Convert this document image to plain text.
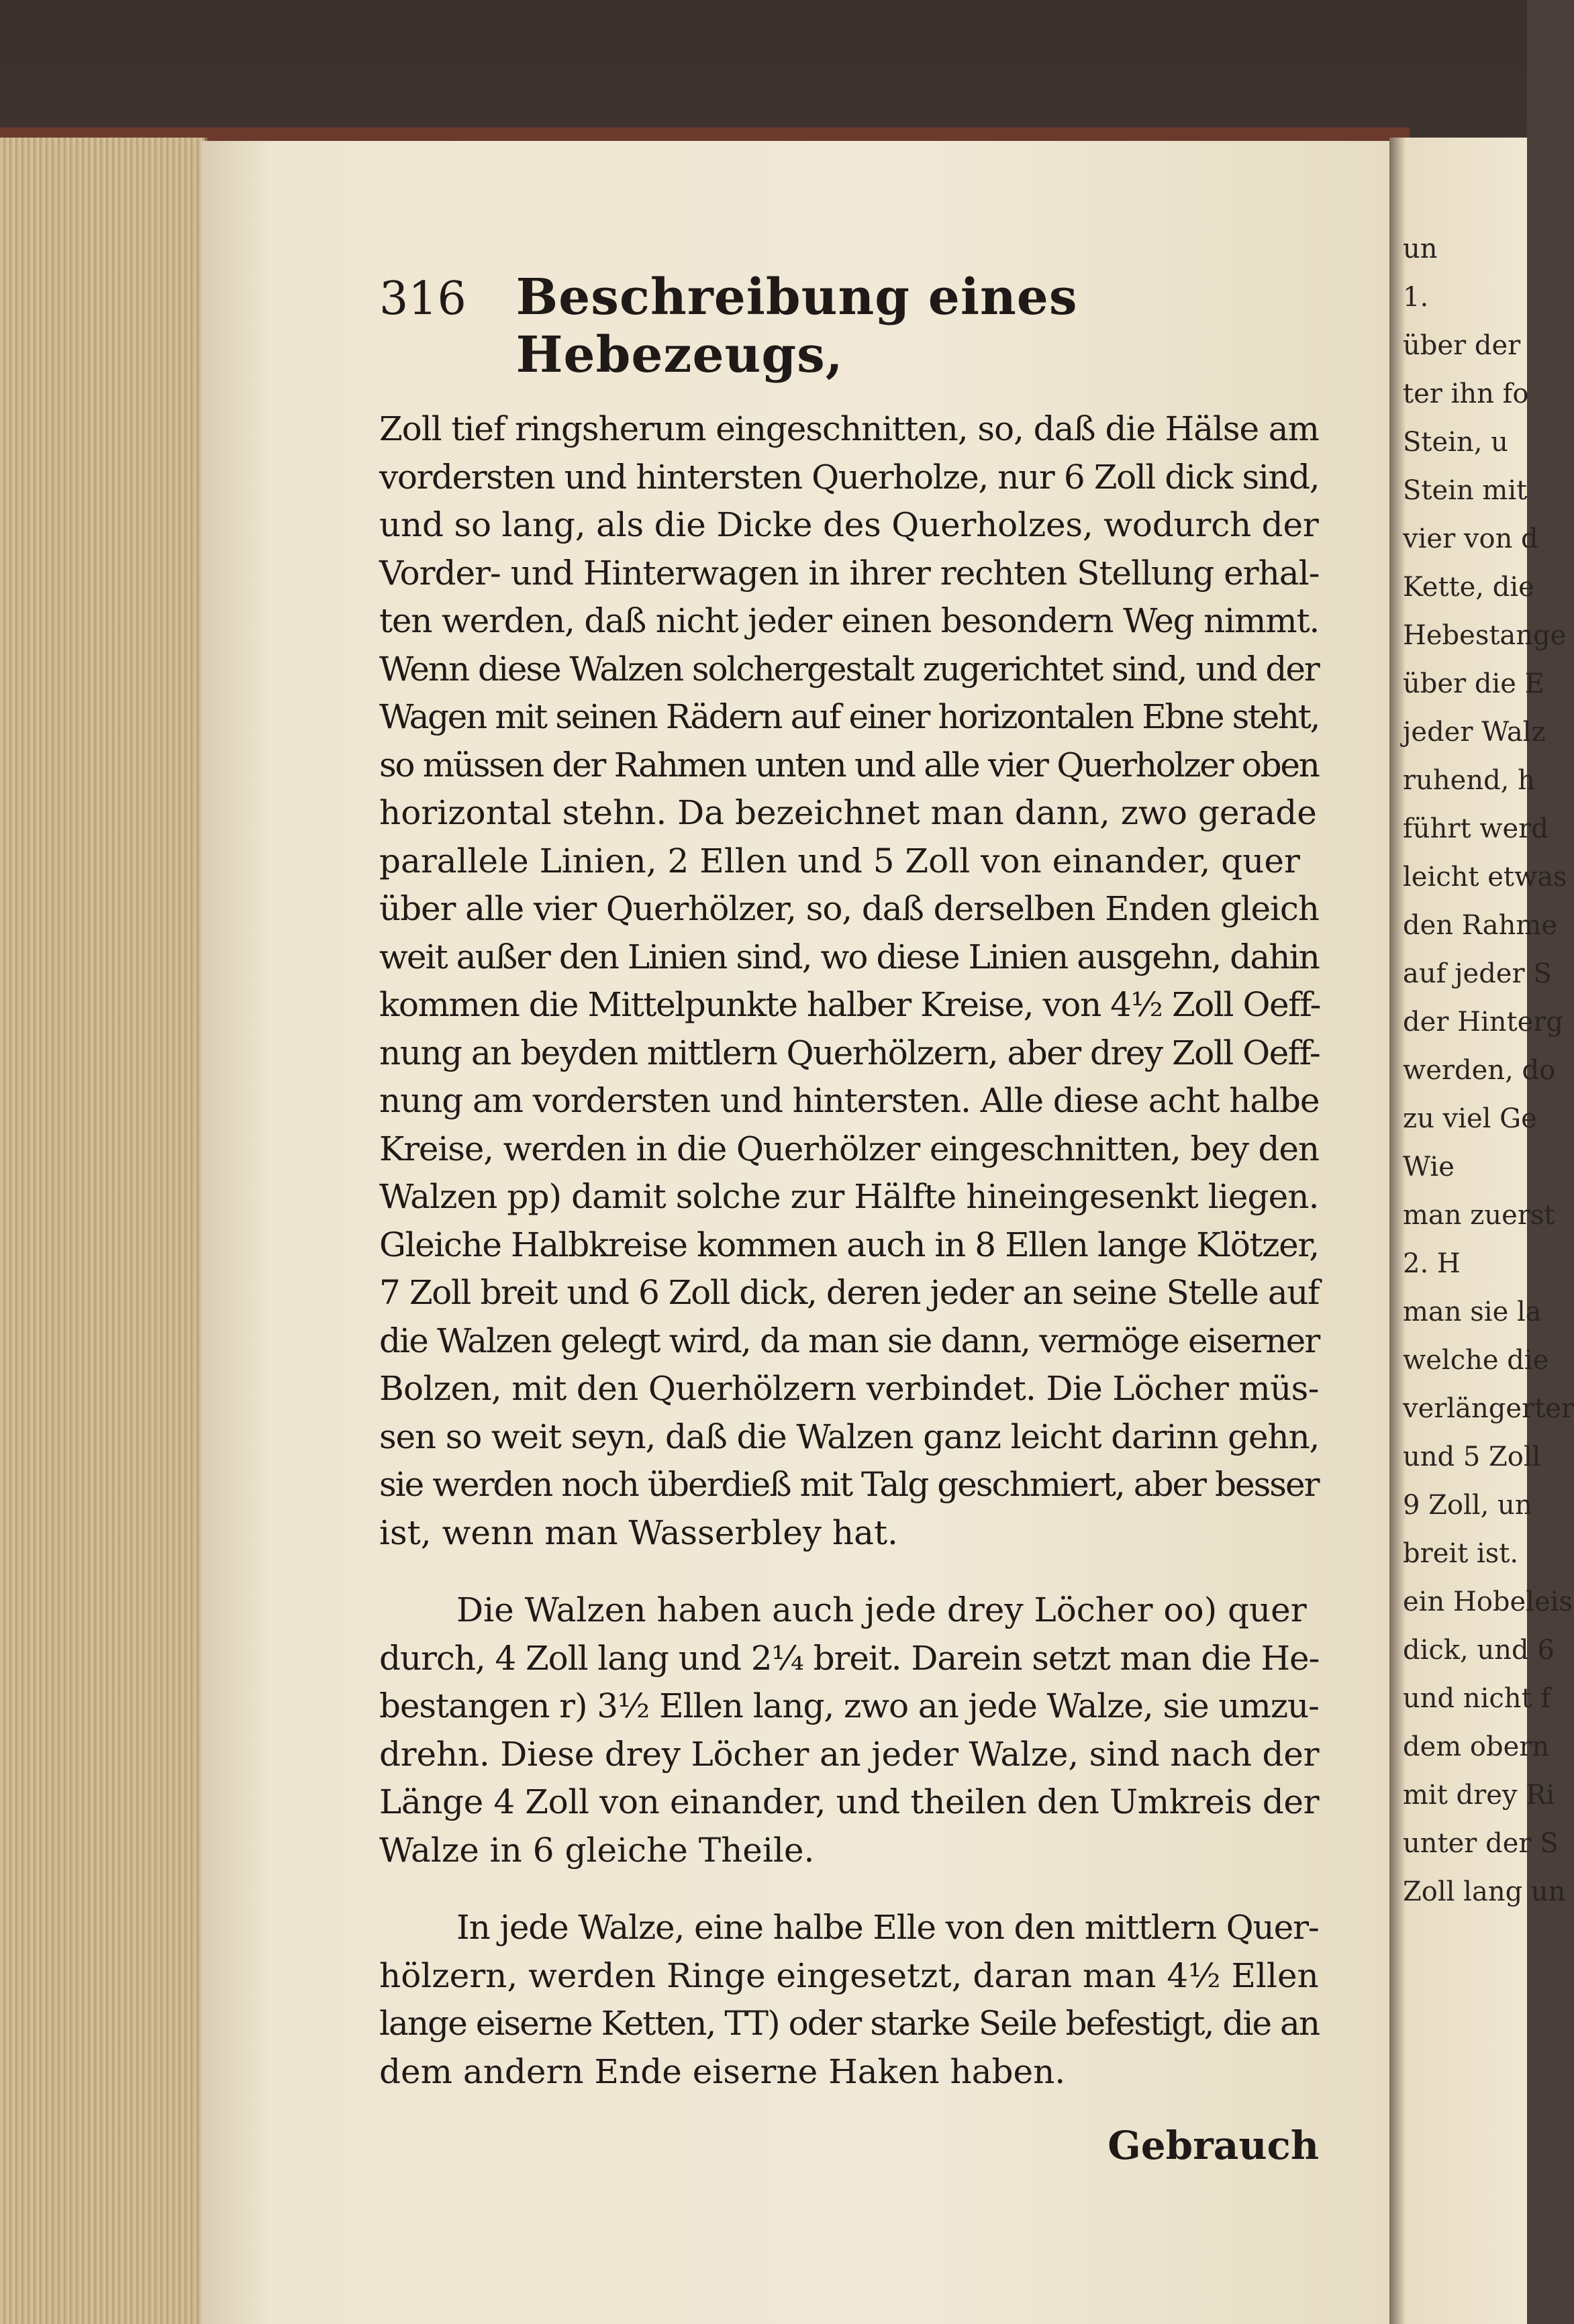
un
1.
über der
ter ihn fo
Stein, u
Stein mit
vier von d
Kette, die
Hebestange
über die E
jeder Walz
ruhend, h
führt werd
leicht etwas
den Rahme
auf jeder S
der Hinterg
werden, do
zu viel Ge
Wie
man zuerst
2. H
man sie la
welche die
verlängerter
und 5 Zoll
9 Zoll, un
breit ist.
ein Hobeleis
dick, und 6
und nicht f
dem obern
mit drey Ri
unter der S
Zoll lang un
316 Beschreibung eines Hebezeugs,

Zoll tief ringsherum eingeschnitten, so, daß die Hälse am
vordersten und hintersten Querholze, nur 6 Zoll dick sind,
und so lang, als die Dicke des Querholzes, wodurch der
Vorder- und Hinterwagen in ihrer rechten Stellung erhal-
ten werden, daß nicht jeder einen besondern Weg nimmt.
Wenn diese Walzen solchergestalt zugerichtet sind, und der
Wagen mit seinen Rädern auf einer horizontalen Ebne steht,
so müssen der Rahmen unten und alle vier Querholzer oben
horizontal stehn. Da bezeichnet man dann, zwo gerade
parallele Linien, 2 Ellen und 5 Zoll von einander, quer
über alle vier Querhölzer, so, daß derselben Enden gleich
weit außer den Linien sind, wo diese Linien ausgehn, dahin
kommen die Mittelpunkte halber Kreise, von 4½ Zoll Oeff-
nung an beyden mittlern Querhölzern, aber drey Zoll Oeff-
nung am vordersten und hintersten. Alle diese acht halbe
Kreise, werden in die Querhölzer eingeschnitten, bey den
Walzen pp) damit solche zur Hälfte hineingesenkt liegen.
Gleiche Halbkreise kommen auch in 8 Ellen lange Klötzer,
7 Zoll breit und 6 Zoll dick, deren jeder an seine Stelle auf
die Walzen gelegt wird, da man sie dann, vermöge eiserner
Bolzen, mit den Querhölzern verbindet. Die Löcher müs-
sen so weit seyn, daß die Walzen ganz leicht darinn gehn,
sie werden noch überdieß mit Talg geschmiert, aber besser
ist, wenn man Wasserbley hat.

Die Walzen haben auch jede drey Löcher oo) quer
durch, 4 Zoll lang und 2¼ breit. Darein setzt man die He-
bestangen r) 3½ Ellen lang, zwo an jede Walze, sie umzu-
drehn. Diese drey Löcher an jeder Walze, sind nach der
Länge 4 Zoll von einander, und theilen den Umkreis der
Walze in 6 gleiche Theile.

In jede Walze, eine halbe Elle von den mittlern Quer-
hölzern, werden Ringe eingesetzt, daran man 4½ Ellen
lange eiserne Ketten, TT) oder starke Seile befestigt, die an
dem andern Ende eiserne Haken haben.

Gebrauch
